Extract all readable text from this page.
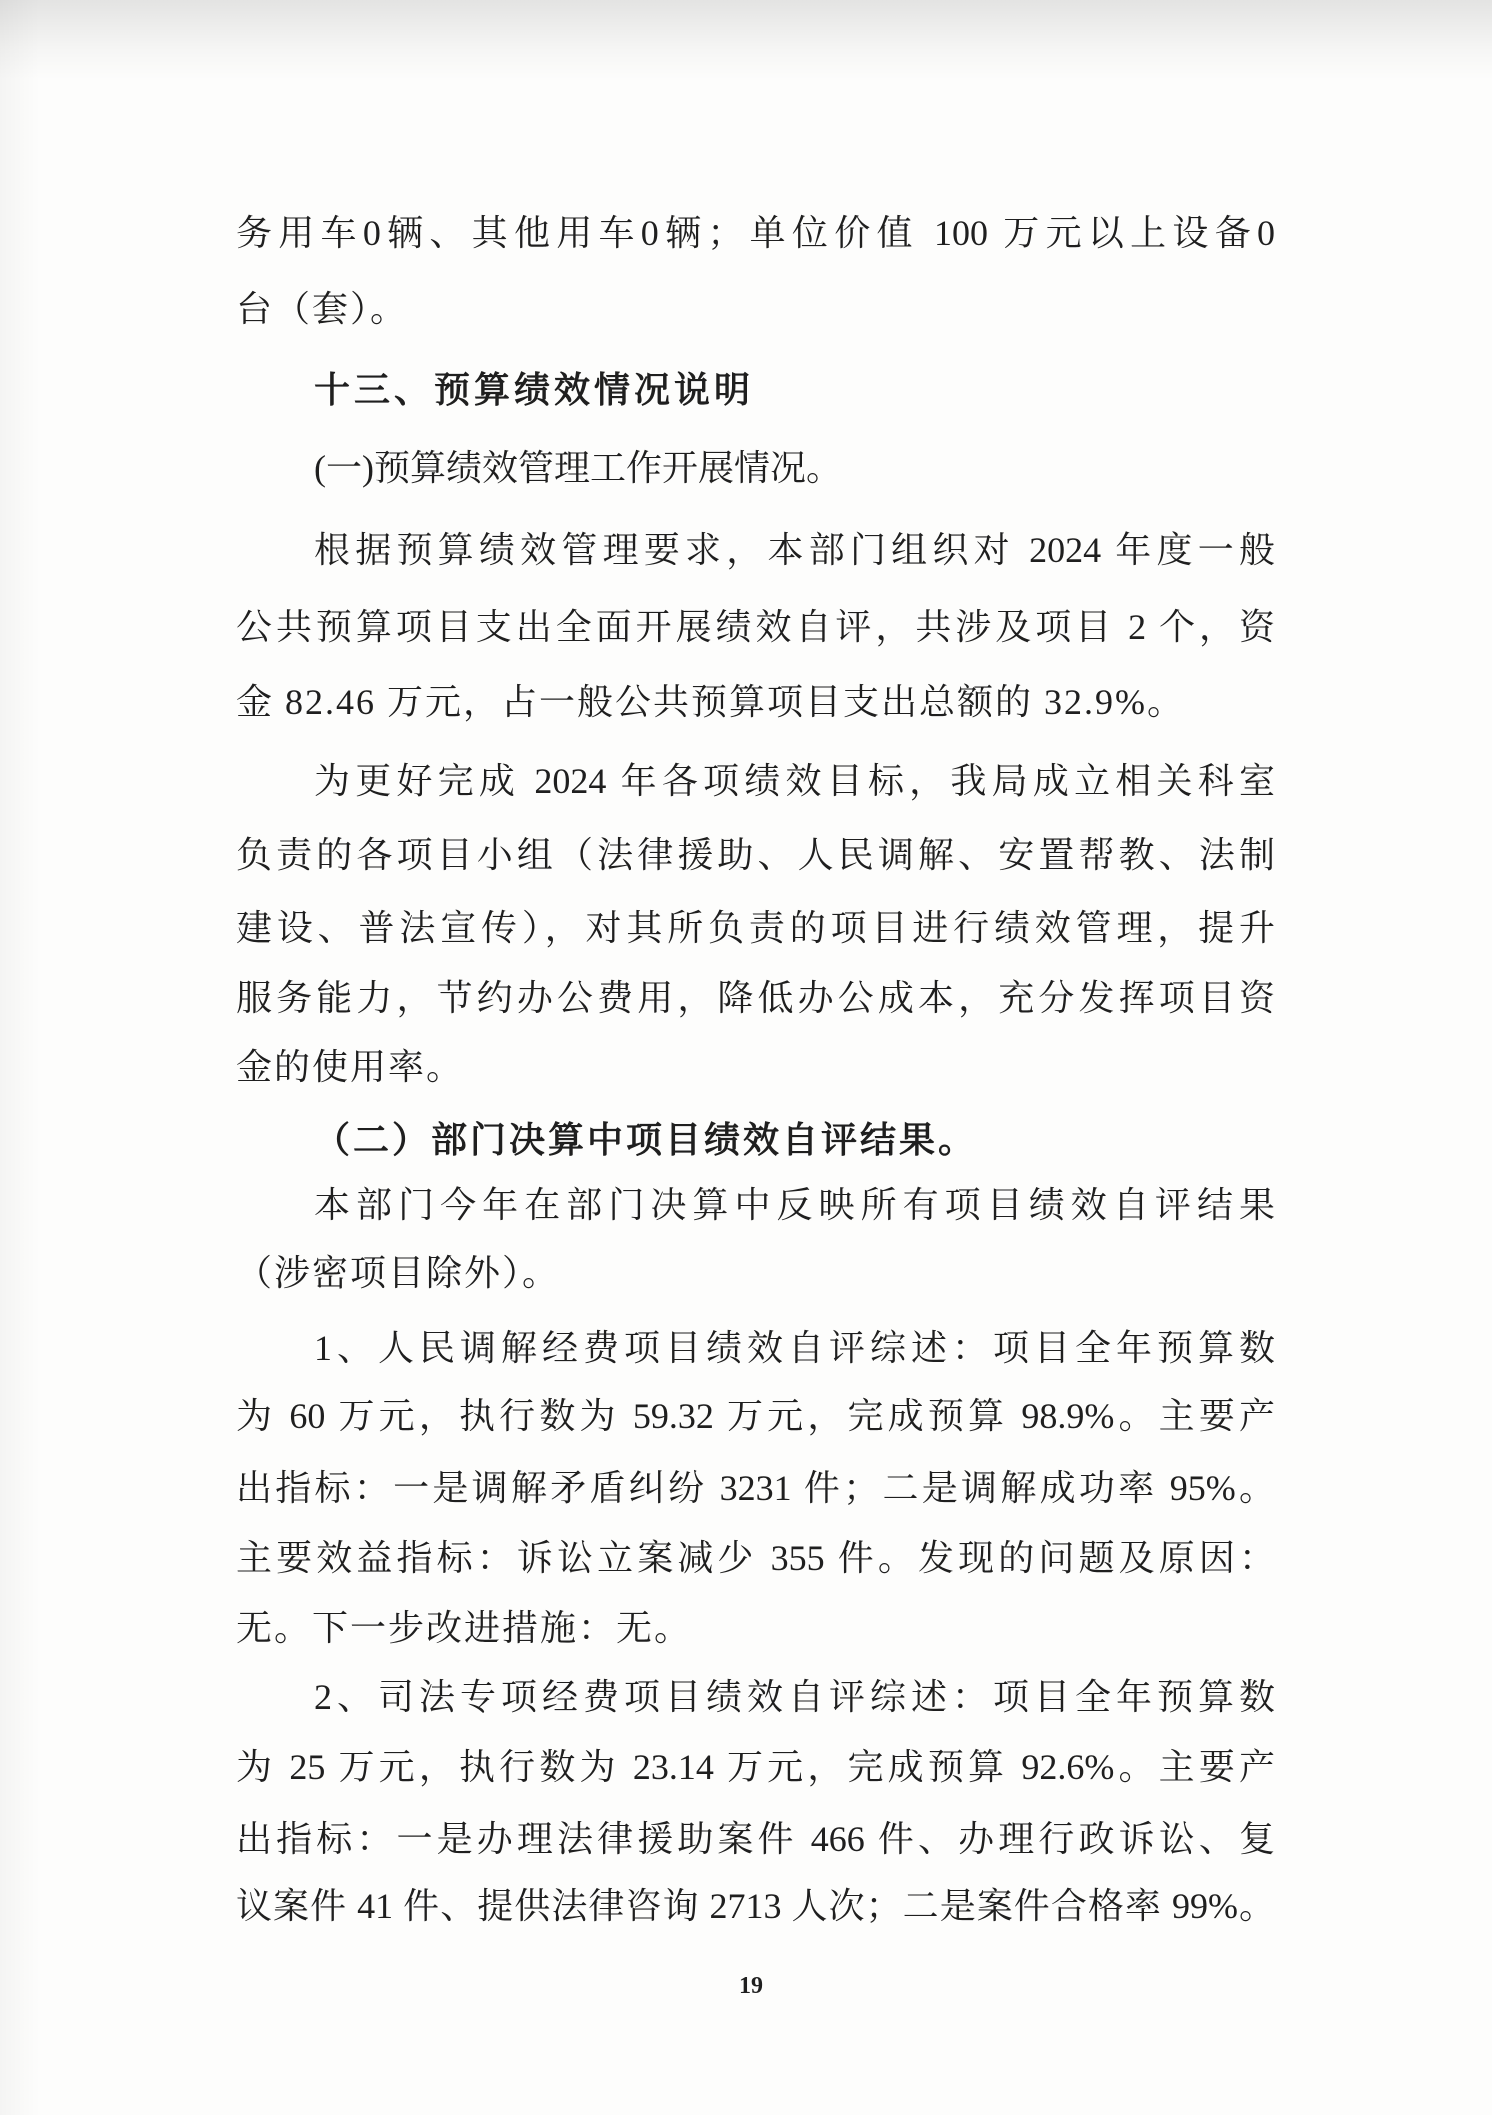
务用车0辆、其他用车0辆；单位价值 100 万元以上设备0
台（套）。
十三、预算绩效情况说明
(一)预算绩效管理工作开展情况。
根据预算绩效管理要求，本部门组织对 2024 年度一般
公共预算项目支出全面开展绩效自评，共涉及项目 2 个，资
金 82.46 万元，占一般公共预算项目支出总额的 32.9%。
为更好完成 2024 年各项绩效目标，我局成立相关科室
负责的各项目小组（法律援助、人民调解、安置帮教、法制
建设、普法宣传），对其所负责的项目进行绩效管理，提升
服务能力，节约办公费用，降低办公成本，充分发挥项目资
金的使用率。
（二）部门决算中项目绩效自评结果。
本部门今年在部门决算中反映所有项目绩效自评结果
（涉密项目除外）。
1、人民调解经费项目绩效自评综述：项目全年预算数
为 60 万元，执行数为 59.32 万元，完成预算 98.9%。主要产
出指标：一是调解矛盾纠纷 3231 件；二是调解成功率 95%。
主要效益指标：诉讼立案减少 355 件。发现的问题及原因：
无。下一步改进措施：无。
2、司法专项经费项目绩效自评综述：项目全年预算数
为 25 万元，执行数为 23.14 万元，完成预算 92.6%。主要产
出指标：一是办理法律援助案件 466 件、办理行政诉讼、复
议案件 41 件、提供法律咨询 2713 人次；二是案件合格率 99%。
19
